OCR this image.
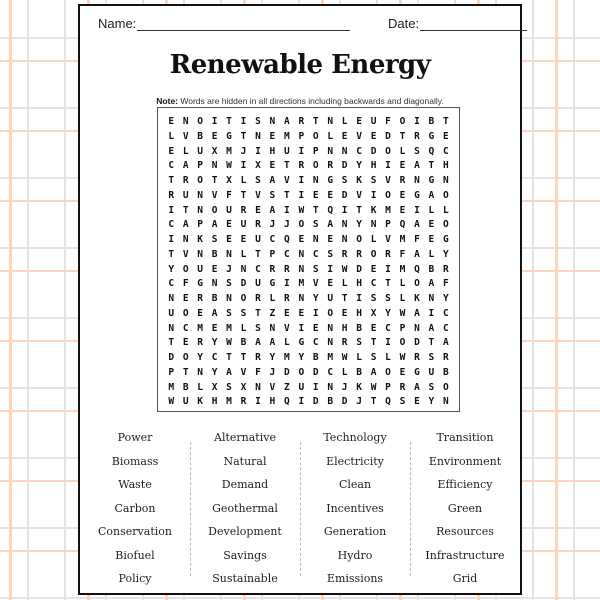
Name:	Date:
Renewable Energy
Note: Words are hidden in all directions including backwards and diagonally.
E N O I T I S N A R T N L E U F O I B T
L V B E G T N E M P O L E V E D T R G E
E L U X M J I H U I P N N C D O L S Q C
C A P N W I X E T R O R D Y H I E A T H
T R O T X L S A V I N G S K S V R N G N
R U N V F T V S T I E E D V I O E G A O
I T N O U R E A I W T Q I T K M E I L L
C A P A E U R J J O S A N Y N P Q A E O
I N K S E E U C Q E N E N O L V M F E G
T V N B N L T P C N C S R R O R F A L Y
Y O U E J N C R R N S I W D E I M Q B R
C F G N S D U G I M V E L H C T L O A F
N E R B N O R L R N Y U T I S S L K N Y
U O E A S S T Z E E I O E H X Y W A I C
N C M E M L S N V I E N H B E C P N A C
T E R Y W B A A L G C N R S T I O D T A
D O Y C T T R Y M Y B M W L S L W R S R
P T N Y A V F J D O D C L B A O E G U B
M B L X S X N V Z U I N J K W P R A S O
W U K H M R I H Q I D B D J T Q S E Y N
Power
Biomass
Waste
Carbon
Conservation
Biofuel
Policy
Alternative
Natural
Demand
Geothermal
Development
Savings
Sustainable
Technology
Electricity
Clean
Incentives
Generation
Hydro
Emissions
Transition
Environment
Efficiency
Green
Resources
Infrastructure
Grid
